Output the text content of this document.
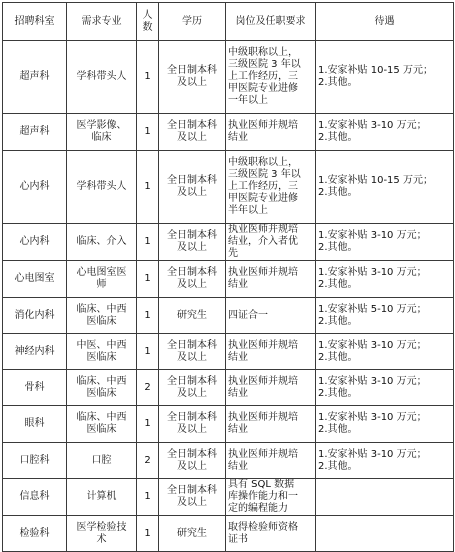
招聘科室	需求专业	人数	学历	岗位及任职要求	待遇

超声科	学科带头人	1	全日制本科
及以上	中级职称以上，
三级医院 3 年以
上工作经历，三
甲医院专业进修
一年以上	1.安家补贴 10-15 万元；
2.其他。

超声科	医学影像、
临床	1	全日制本科
及以上	执业医师并规培
结业	1.安家补贴 3-10 万元；
2.其他。

心内科	学科带头人	1	全日制本科
及以上	中级职称以上，
三级医院 3 年以
上工作经历，三
甲医院专业进修
半年以上	1.安家补贴 10-15 万元；
2.其他。

心内科	临床、介入	1	全日制本科
及以上	执业医师并规培
结业，介入者优
先	1.安家补贴 3-10 万元；
2.其他。

心电图室	心电图室医
师	1	全日制本科
及以上	执业医师并规培
结业	1.安家补贴 3-10 万元；
2.其他。

消化内科	临床、中西
医临床	1	研究生	四证合一	1.安家补贴 5-10 万元；
2.其他。

神经内科	中医、中西
医临床	1	全日制本科
及以上	执业医师并规培
结业	1.安家补贴 3-10 万元；
2.其他。

骨科	临床、中西
医临床	2	全日制本科
及以上	执业医师并规培
结业	1.安家补贴 3-10 万元；
2.其他。

眼科	临床、中西
医临床	1	全日制本科
及以上	执业医师并规培
结业	1.安家补贴 3-10 万元；
2.其他。

口腔科	口腔	2	全日制本科
及以上	执业医师并规培
结业	1.安家补贴 3-10 万元；
2.其他。

信息科	计算机	1	全日制本科
及以上	具有 SQL 数据
库操作能力和一
定的编程能力	

检验科	医学检验技
术	1	研究生	取得检验师资格
证书	
